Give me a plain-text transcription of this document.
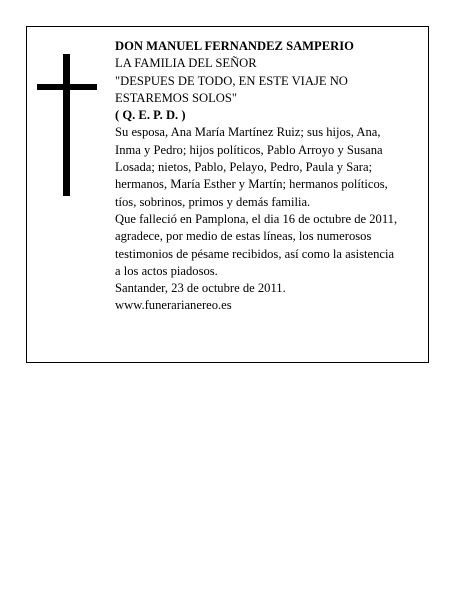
DON MANUEL FERNANDEZ SAMPERIO
LA FAMILIA DEL SEÑOR
"DESPUES DE TODO, EN ESTE VIAJE NO
ESTAREMOS SOLOS"
( Q. E. P. D. )
Su esposa, Ana María Martínez Ruiz; sus hijos, Ana,
Inma y Pedro; hijos políticos, Pablo Arroyo y Susana
Losada; nietos, Pablo, Pelayo, Pedro, Paula y Sara;
hermanos, María Esther y Martín; hermanos políticos,
tíos, sobrinos, primos y demás familia.
Que falleció en Pamplona, el dia 16 de octubre de 2011,
agradece, por medio de estas líneas, los numerosos
testimonios de pésame recibidos, así como la asistencia
a los actos piadosos.
Santander, 23 de octubre de 2011.
www.funerarianereo.es
